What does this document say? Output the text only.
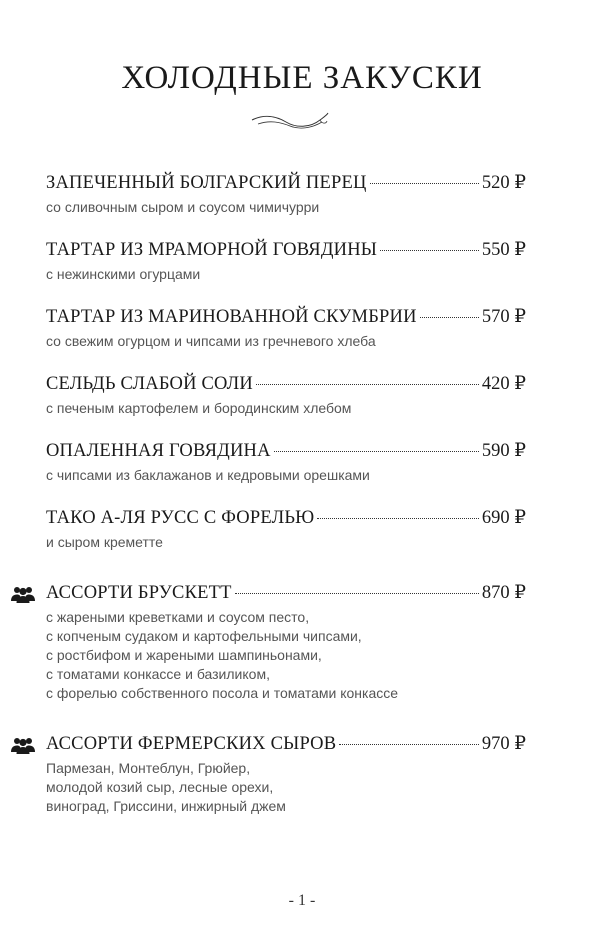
ХОЛОДНЫЕ ЗАКУСКИ
ЗАПЕЧЕННЫЙ БОЛГАРСКИЙ ПЕРЕЦ	520 ₽
со сливочным сыром и соусом чимичурри
ТАРТАР ИЗ МРАМОРНОЙ ГОВЯДИНЫ	550 ₽
с нежинскими огурцами
ТАРТАР ИЗ МАРИНОВАННОЙ СКУМБРИИ	570 ₽
со свежим огурцом и чипсами из гречневого хлеба
СЕЛЬДЬ СЛАБОЙ СОЛИ	420 ₽
с печеным картофелем и бородинским хлебом
ОПАЛЕННАЯ ГОВЯДИНА	590 ₽
с чипсами из баклажанов и кедровыми орешками
ТАКО А-ЛЯ РУСС С ФОРЕЛЬЮ	690 ₽
и сыром креметте
АССОРТИ БРУСКЕТТ	870 ₽
с жареными креветками и соусом песто,
с копченым судаком и картофельными чипсами,
с ростбифом и жареными шампиньонами,
с томатами конкассе и базиликом,
с форелью собственного посола и томатами конкассе
АССОРТИ ФЕРМЕРСКИХ СЫРОВ	970 ₽
Пармезан, Монтеблун, Грюйер,
молодой козий сыр, лесные орехи,
виноград, Гриссини, инжирный джем
- 1 -
